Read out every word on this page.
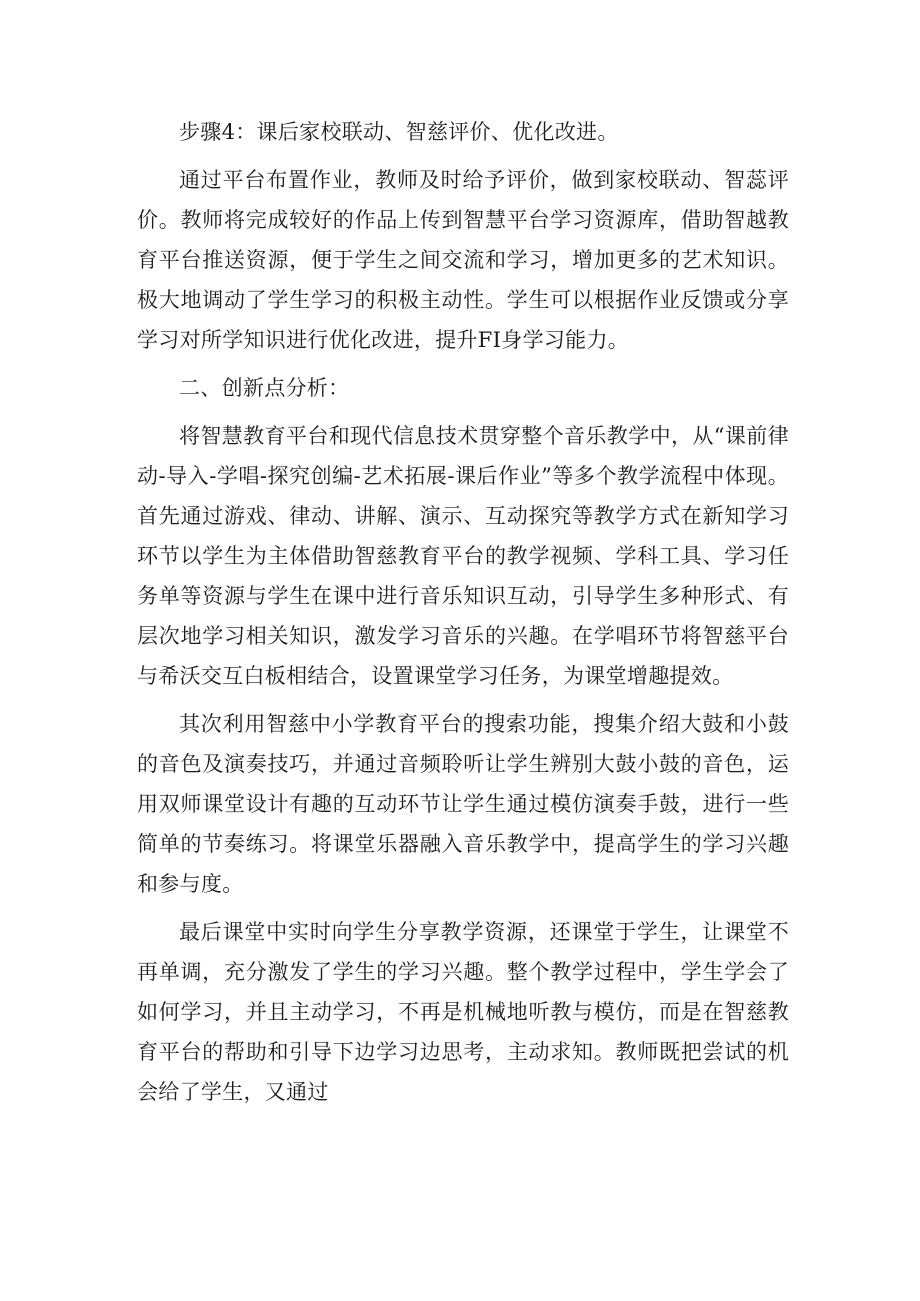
步骤4：课后家校联动、智慈评价、优化改进。

通过平台布置作业，教师及时给予评价，做到家校联动、智蕊评价。教师将完成较好的作品上传到智慧平台学习资源库，借助智越教育平台推送资源，便于学生之间交流和学习，增加更多的艺术知识。极大地调动了学生学习的积极主动性。学生可以根据作业反馈或分享学习对所学知识进行优化改进，提升FI身学习能力。

二、创新点分析：

将智慧教育平台和现代信息技术贯穿整个音乐教学中，从“课前律动-导入-学唱-探究创编-艺术拓展-课后作业”等多个教学流程中体现。首先通过游戏、律动、讲解、演示、互动探究等教学方式在新知学习环节以学生为主体借助智慈教育平台的教学视频、学科工具、学习任务单等资源与学生在课中进行音乐知识互动，引导学生多种形式、有层次地学习相关知识，激发学习音乐的兴趣。在学唱环节将智慈平台与希沃交互白板相结合，设置课堂学习任务，为课堂增趣提效。

其次利用智慈中小学教育平台的搜索功能，搜集介绍大鼓和小鼓的音色及演奏技巧，并通过音频聆听让学生辨别大鼓小鼓的音色，运用双师课堂设计有趣的互动环节让学生通过模仿演奏手鼓，进行一些简单的节奏练习。将课堂乐器融入音乐教学中，提高学生的学习兴趣和参与度。

最后课堂中实时向学生分享教学资源，还课堂于学生，让课堂不再单调，充分激发了学生的学习兴趣。整个教学过程中，学生学会了如何学习，并且主动学习，不再是机械地听教与模仿，而是在智慈教育平台的帮助和引导下边学习边思考，主动求知。教师既把尝试的机会给了学生，又通过
